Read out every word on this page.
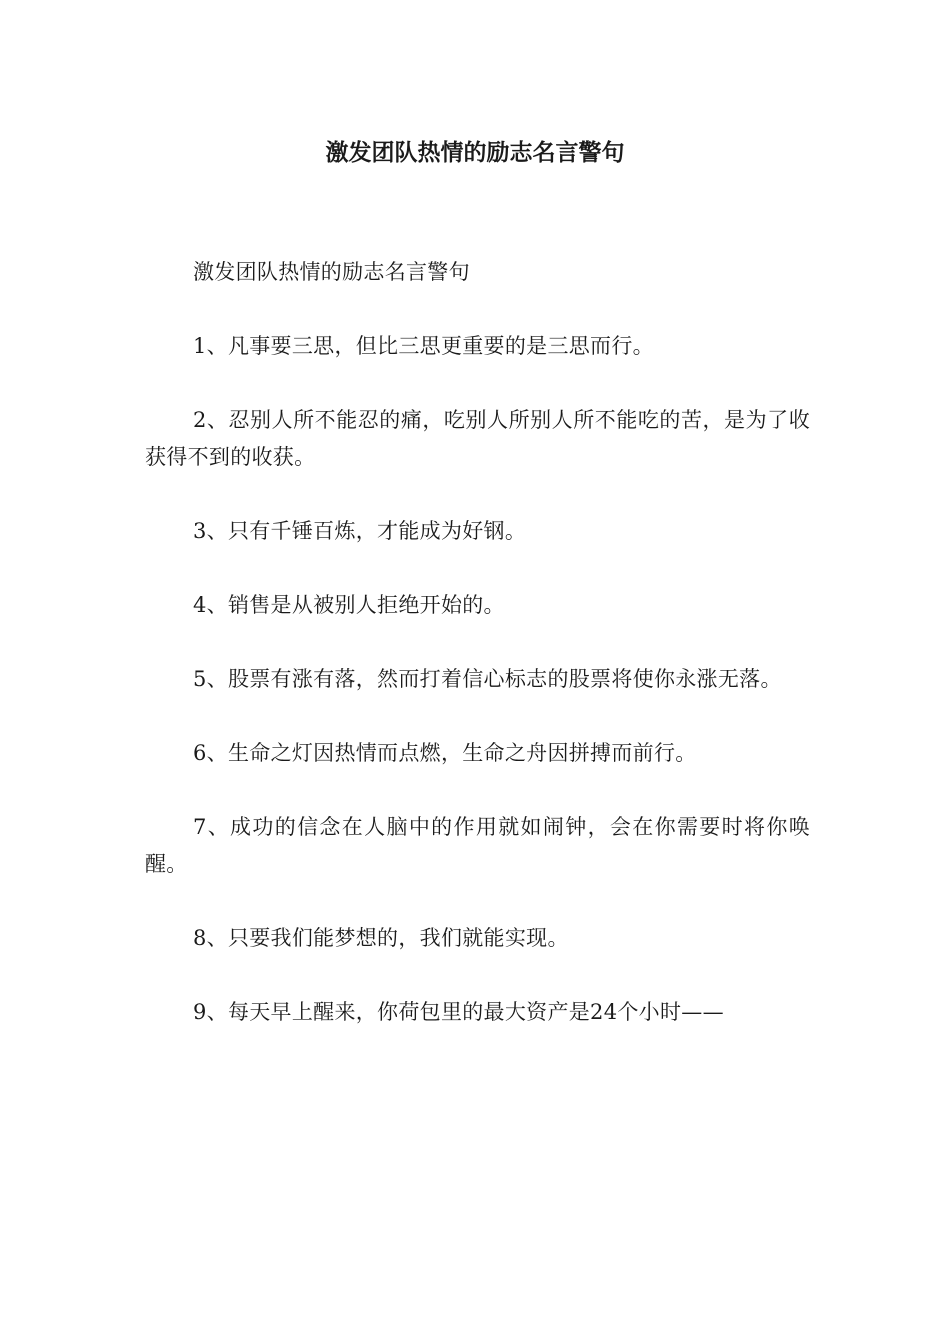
激发团队热情的励志名言警句

激发团队热情的励志名言警句

1、凡事要三思，但比三思更重要的是三思而行。

2、忍别人所不能忍的痛，吃别人所别人所不能吃的苦，是为了收获得不到的收获。

3、只有千锤百炼，才能成为好钢。

4、销售是从被别人拒绝开始的。

5、股票有涨有落，然而打着信心标志的股票将使你永涨无落。

6、生命之灯因热情而点燃，生命之舟因拼搏而前行。

7、成功的信念在人脑中的作用就如闹钟，会在你需要时将你唤醒。

8、只要我们能梦想的，我们就能实现。

9、每天早上醒来，你荷包里的最大资产是24个小时——
